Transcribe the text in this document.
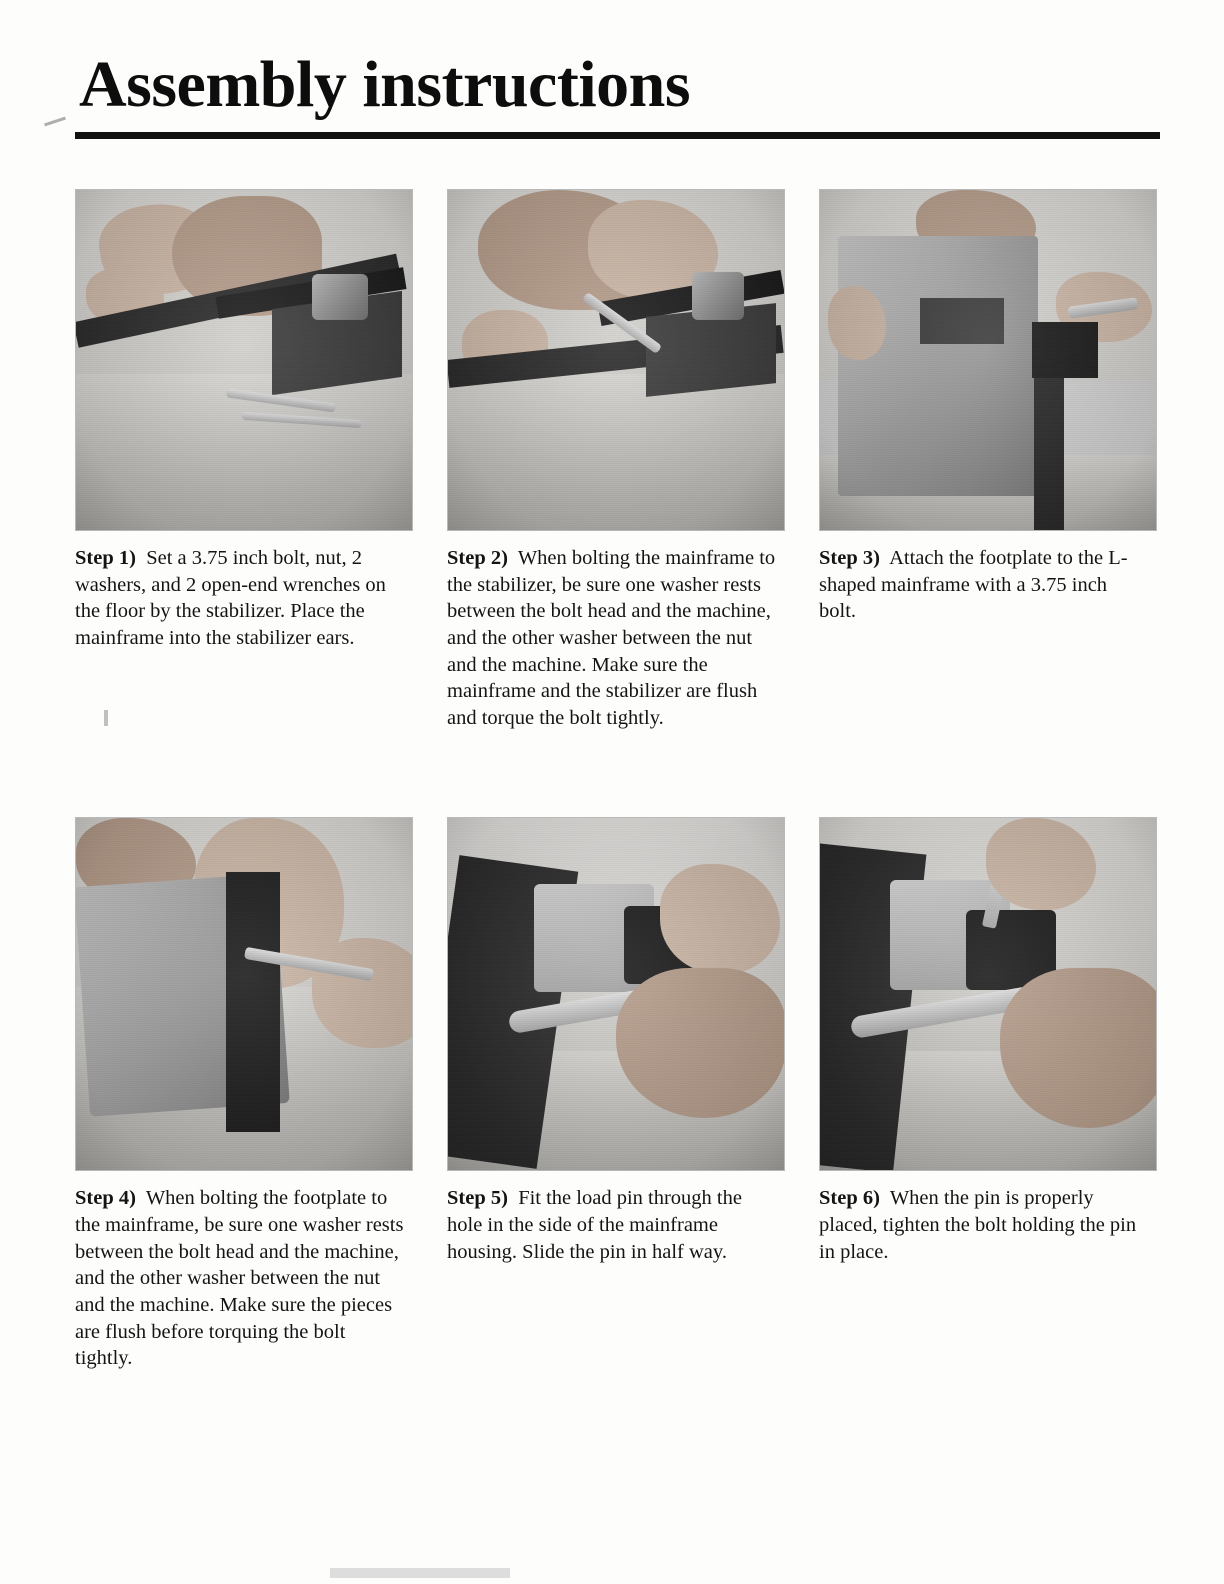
Assembly instructions
Step 1)  Set a 3.75 inch bolt, nut, 2 washers, and 2 open-end wrenches on the floor by the stabilizer. Place the mainframe into the stabilizer ears.
Step 2)  When bolting the mainframe to the stabilizer, be sure one washer rests between the bolt head and the machine, and the other washer between the nut and the machine. Make sure the mainframe and the stabilizer are flush and torque the bolt tightly.
Step 3)  Attach the footplate to the L-shaped mainframe with a 3.75 inch bolt.
Step 4)  When bolting the footplate to the mainframe, be sure one washer rests between the bolt head and the machine, and the other washer between the nut and the machine. Make sure the pieces are flush before torquing the bolt tightly.
Step 5)  Fit the load pin through the hole in the side of the mainframe housing. Slide the pin in half way.
Step 6)  When the pin is properly placed, tighten the bolt holding the pin in place.
